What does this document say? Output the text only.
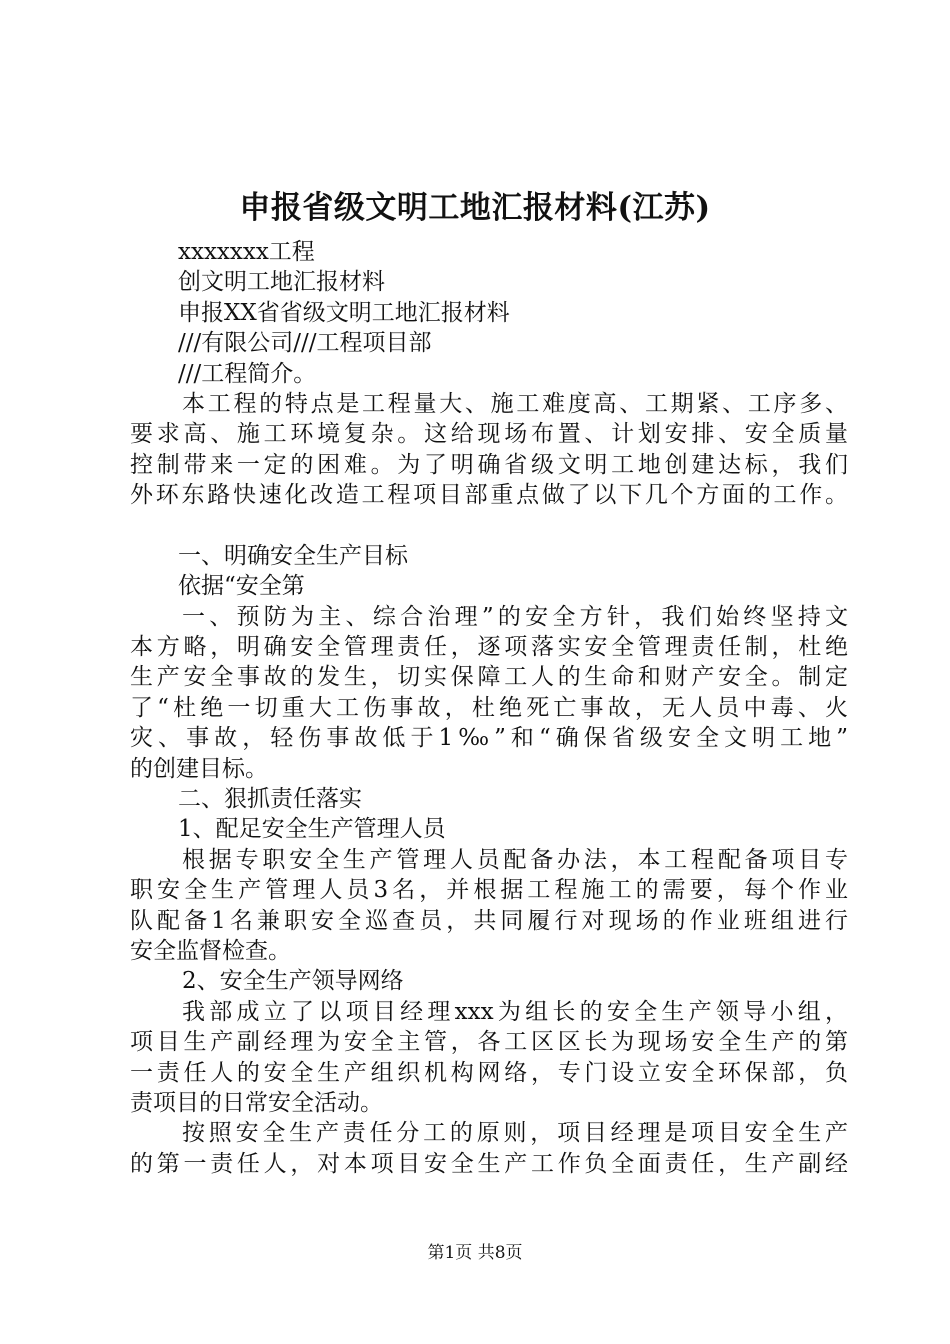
申报省级文明工地汇报材料(江苏)
xxxxxxx工程
创文明工地汇报材料
申报XX省省级文明工地汇报材料
///有限公司///工程项目部
///工程简介。
本工程的特点是工程量大、施工难度高、工期紧、工序多、
要求高、施工环境复杂。这给现场布置、计划安排、安全质量
控制带来一定的困难。为了明确省级文明工地创建达标，我们
外环东路快速化改造工程项目部重点做了以下几个方面的工作。
一、明确安全生产目标
依据“安全第
一、预防为主、综合治理”的安全方针，我们始终坚持文
本方略，明确安全管理责任，逐项落实安全管理责任制，杜绝
生产安全事故的发生，切实保障工人的生命和财产安全。制定
了“杜绝一切重大工伤事故，杜绝死亡事故，无人员中毒、火
灾、事故，轻伤事故低于1‰”和“确保省级安全文明工地”
的创建目标。
二、狠抓责任落实
1、配足安全生产管理人员
根据专职安全生产管理人员配备办法，本工程配备项目专
职安全生产管理人员3名，并根据工程施工的需要，每个作业
队配备1名兼职安全巡查员，共同履行对现场的作业班组进行
安全监督检查。
2、安全生产领导网络
我部成立了以项目经理xxx为组长的安全生产领导小组，
项目生产副经理为安全主管，各工区区长为现场安全生产的第
一责任人的安全生产组织机构网络，专门设立安全环保部，负
责项目的日常安全活动。
按照安全生产责任分工的原则，项目经理是项目安全生产
的第一责任人，对本项目安全生产工作负全面责任，生产副经
第1页 共8页
